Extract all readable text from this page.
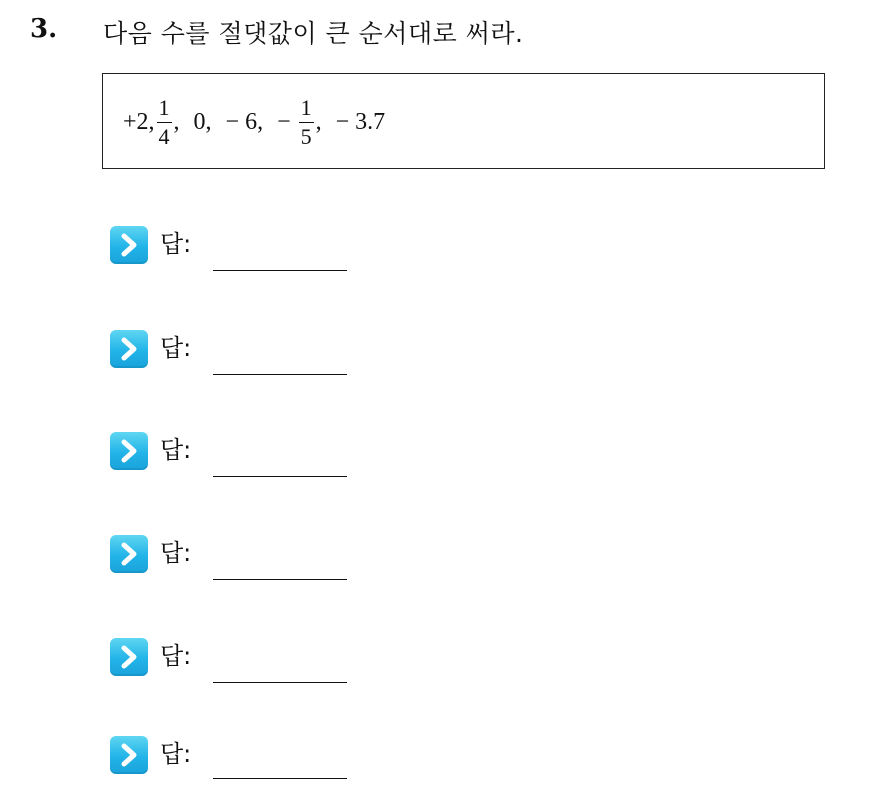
3. 다음 수를 절댓값이 큰 순서대로 써라.
+2, $\frac{1}{4}$ , 0, − 6, − $\frac{1}{5}$ , − 3.7
답:
답:
답:
답:
답:
답:
